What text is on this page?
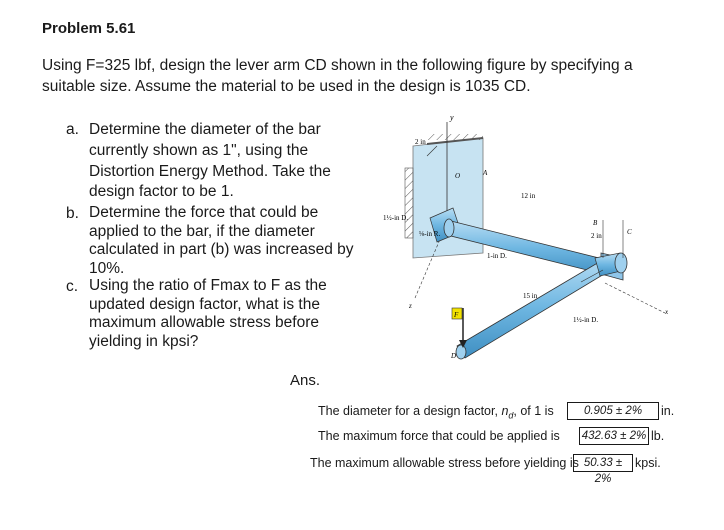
Problem 5.61
Using F=325 lbf, design the lever arm CD shown in the following figure by specifying a
suitable size. Assume the material to be used in the design is 1035 CD.
a. Determine the diameter of the bar
currently shown as 1", using the
Distortion Energy Method. Take the
design factor to be 1.
b. Determine the force that could be
applied to the bar, if the diameter
calculated in part (b) was increased by
10%.
c. Using the ratio of Fmax to F as the
updated design factor, what is the
maximum allowable stress before
yielding in kpsi?
y
2 in
O	A
1½-in D.
⅛-in R.
12 in
1-in D.
B
2 in	C
15 in
F
D
1½-in D.
x
z
Ans.
The diameter for a design factor, $n_d$, of 1 is	0.905 ± 2%	in.
The maximum force that could be applied is 432.63 ± 2% lb.
The maximum allowable stress before yielding is 50.33 ± 2%
kpsi.
